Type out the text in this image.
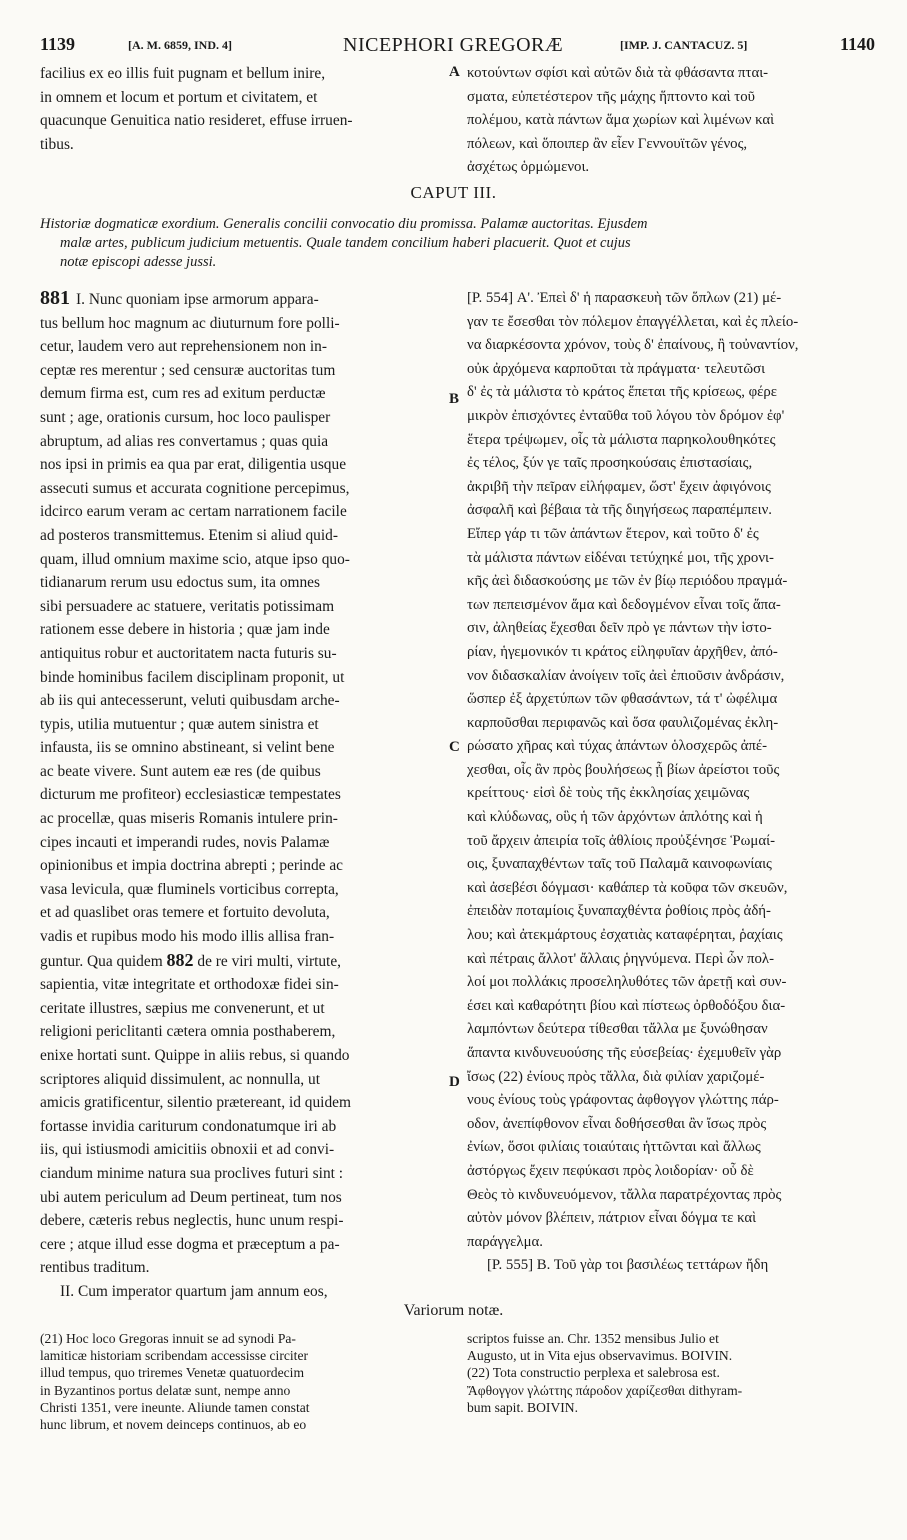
1139	[A. M. 6859, IND. 4]	NICEPHORI GREGORÆ	[IMP. J. CANTACUZ. 5]	1140
facilius ex eo illis fuit pugnam et bellum inire,
in omnem et locum et portum et civitatem, et
quacunque Genuitica natio resideret, effuse irruen-
tibus.
A κοτούντων σφίσι καὶ αὐτῶν διὰ τὰ φθάσαντα πται-
σματα, εὐπετέστερον τῆς μάχης ἥπτοντο καὶ τοῦ
πολέμου, κατὰ πάντων ἅμα χωρίων καὶ λιμένων καὶ
πόλεων, καὶ ὅποιπερ ἂν εἶεν Γεννουϊτῶν γένος,
ἀσχέτως ὁρμώμενοι.
CAPUT III.
Historiæ dogmaticæ exordium. Generalis concilii convocatio diu promissa. Palamæ auctoritas. Ejusdem
malæ artes, publicum judicium metuentis. Quale tandem concilium haberi placuerit. Quot et cujus
notæ episcopi adesse jussi.
881 I. Nunc quoniam ipse armorum appara-
tus bellum hoc magnum ac diuturnum fore polli-
cetur, laudem vero aut reprehensionem non in-
ceptæ res merentur ; sed censuræ auctoritas tum
demum firma est, cum res ad exitum perductæ
sunt ; age, orationis cursum, hoc loco paulisper
abruptum, ad alias res convertamus ; quas quia
nos ipsi in primis ea qua par erat, diligentia usque
assecuti sumus et accurata cognitione percepimus,
idcirco earum veram ac certam narrationem facile
ad posteros transmittemus. Etenim si aliud quid-
quam, illud omnium maxime scio, atque ipso quo-
tidianarum rerum usu edoctus sum, ita omnes
sibi persuadere ac statuere, veritatis potissimam
rationem esse debere in historia ; quæ jam inde
antiquitus robur et auctoritatem nacta futuris su-
binde hominibus facilem disciplinam proponit, ut
ab iis qui antecesserunt, veluti quibusdam arche-
typis, utilia mutuentur ; quæ autem sinistra et
infausta, iis se omnino abstineant, si velint bene
ac beate vivere. Sunt autem eæ res (de quibus
dicturum me profiteor) ecclesiasticæ tempestates
ac procellæ, quas miseris Romanis intulere prin-
cipes incauti et imperandi rudes, novis Palamæ
opinionibus et impia doctrina abrepti ; perinde ac
vasa levicula, quæ fluminels vorticibus correpta,
et ad quaslibet oras temere et fortuito devoluta,
vadis et rupibus modo his modo illis allisa fran-
guntur. Qua quidem 882 de re viri multi, virtute,
sapientia, vitæ integritate et orthodoxæ fidei sin-
ceritate illustres, sæpius me convenerunt, et ut
religioni periclitanti cætera omnia posthaberem,
enixe hortati sunt. Quippe in aliis rebus, si quando
scriptores aliquid dissimulent, ac nonnulla, ut
amicis gratificentur, silentio prætereant, id quidem
fortasse invidia cariturum condonatumque iri ab
iis, qui istiusmodi amicitiis obnoxii et ad convi-
ciandum minime natura sua proclives futuri sint :
ubi autem periculum ad Deum pertineat, tum nos
debere, cæteris rebus neglectis, hunc unum respi-
cere ; atque illud esse dogma et præceptum a pa-
rentibus traditum.
II. Cum imperator quartum jam annum eos,
B
C
D
[P. 554] Α'. Ἐπεὶ δ' ἡ παρασκευὴ τῶν ὅπλων (21) μέ-
γαν τε ἔσεσθαι τὸν πόλεμον ἐπαγγέλλεται, καὶ ἐς πλείο-
να διαρκέσοντα χρόνον, τοὺς δ' ἐπαίνους, ἢ τοὐναντίον,
οὐκ ἀρχόμενα καρποῦται τὰ πράγματα· τελευτῶσι
δ' ἐς τὰ μάλιστα τὸ κράτος ἕπεται τῆς κρίσεως, φέρε
μικρὸν ἐπισχόντες ἐνταῦθα τοῦ λόγου τὸν δρόμον ἐφ'
ἕτερα τρέψωμεν, οἷς τὰ μάλιστα παρηκολουθηκότες
ἐς τέλος, ξύν γε ταῖς προσηκούσαις ἐπιστασίαις,
ἀκριβῆ τὴν πεῖραν εἰλήφαμεν, ὥστ' ἔχειν ἀφιγόνοις
ἀσφαλῆ καὶ βέβαια τὰ τῆς διηγήσεως παραπέμπειν.
Εἴπερ γάρ τι τῶν ἁπάντων ἕτερον, καὶ τοῦτο δ' ἐς
τὰ μάλιστα πάντων εἰδέναι τετύχηκέ μοι, τῆς χρονι-
κῆς ἀεὶ διδασκούσης με τῶν ἐν βίῳ περιόδου πραγμά-
των πεπεισμένον ἅμα καὶ δεδογμένον εἶναι τοῖς ἅπα-
σιν, ἀληθείας ἔχεσθαι δεῖν πρὸ γε πάντων τὴν ἱστο-
ρίαν, ἡγεμονικόν τι κράτος εἰληφυῖαν ἀρχῆθεν, ἀπό-
νον διδασκαλίαν ἀνοίγειν τοῖς ἀεὶ ἐπιοῦσιν ἀνδράσιν,
ὥσπερ ἐξ ἀρχετύπων τῶν φθασάντων, τά τ' ὠφέλιμα
καρποῦσθαι περιφανῶς καὶ ὅσα φαυλιζομένας ἐκλη-
ρώσατο χῆρας καὶ τύχας ἁπάντων ὁλοσχερῶς ἀπέ-
χεσθαι, οἷς ἂν πρὸς βουλήσεως ᾖ βίων ἀρείστοι τοῦς
κρείττους· εἰσὶ δὲ τοὺς τῆς ἐκκλησίας χειμῶνας
καὶ κλύδωνας, οὓς ἡ τῶν ἀρχόντων ἁπλότης καὶ ἡ
τοῦ ἄρχειν ἀπειρία τοῖς ἀθλίοις προὐξένησε Ῥωμαί-
οις, ξυναπαχθέντων ταῖς τοῦ Παλαμᾶ καινοφωνίαις
καὶ ἀσεβέσι δόγμασι· καθάπερ τὰ κοῦφα τῶν σκευῶν,
ἐπειδὰν ποταμίοις ξυναπαχθέντα ῥοθίοις πρὸς ἀδή-
λου; καὶ ἀτεκμάρτους ἐσχατιὰς καταφέρηται, ῥαχίαις
καὶ πέτραις ἄλλοτ' ἄλλαις ῥηγνύμενα. Περὶ ὧν πολ-
λοί μοι πολλάκις προσεληλυθότες τῶν ἀρετῇ καὶ συν-
έσει καὶ καθαρότητι βίου καὶ πίστεως ὀρθοδόξου δια-
λαμπόντων δεύτερα τίθεσθαι τἄλλα με ξυνώθησαν
ἅπαντα κινδυνευούσης τῆς εὐσεβείας· ἐχεμυθεῖν γὰρ
ἴσως (22) ἐνίους πρὸς τἄλλα, διὰ φιλίαν χαριζομέ-
νους ἐνίους τοὺς γράφοντας ἀφθογγον γλώττης πάρ-
οδον, ἀνεπίφθονον εἶναι δοθήσεσθαι ἂν ἴσως πρὸς
ἐνίων, ὅσοι φιλίαις τοιαύταις ἡττῶνται καὶ ἄλλως
ἀστόργως ἔχειν πεφύκασι πρὸς λοιδορίαν· οὗ δὲ
Θεὸς τὸ κινδυνευόμενον, τἄλλα παρατρέχοντας πρὸς
αὐτὸν μόνον βλέπειν, πάτριον εἶναι δόγμα τε καὶ
παράγγελμα.
[P. 555] Β. Τοῦ γὰρ τοι βασιλέως τεττάρων ἤδη
Variorum notæ.
(21) Hoc loco Gregoras innuit se ad synodi Pa-
lamiticæ historiam scribendam accessisse circiter
illud tempus, quo triremes Venetæ quatuordecim
in Byzantinos portus delatæ sunt, nempe anno
Christi 1351, vere ineunte. Aliunde tamen constat
hunc librum, et novem deinceps continuos, ab eo
scriptos fuisse an. Chr. 1352 mensibus Julio et
Augusto, ut in Vita ejus observavimus. BOIVIN.
(22) Tota constructio perplexa et salebrosa est.
Ἄφθογγον γλώττης πάροδον χαρίζεσθαι dithyram-
bum sapit. BOIVIN.
